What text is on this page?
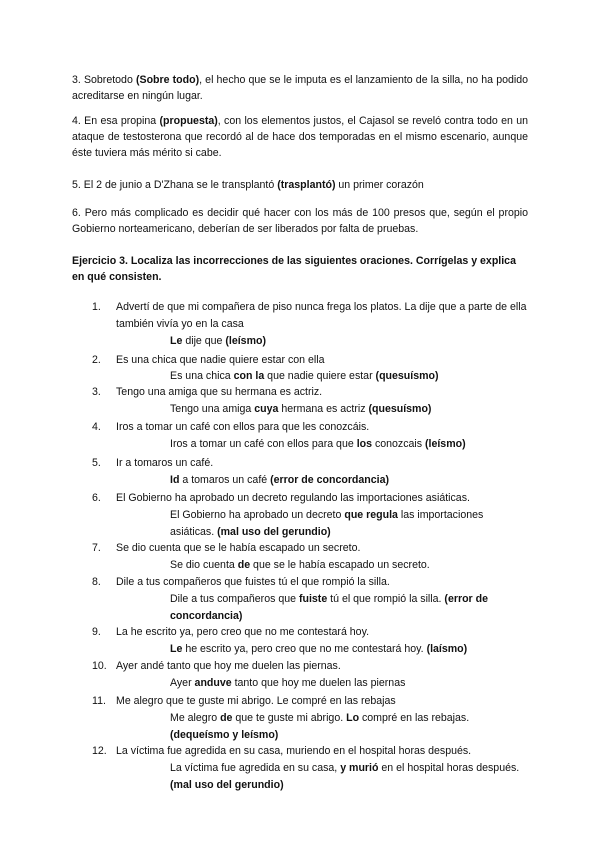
3. Sobretodo (Sobre todo), el hecho que se le imputa es el lanzamiento de la silla, no ha podido acreditarse en ningún lugar.
4. En esa propina (propuesta), con los elementos justos, el Cajasol se reveló contra todo en un ataque de testosterona que recordó al de hace dos temporadas en el mismo escenario, aunque éste tuviera más mérito si cabe.
5. El 2 de junio a D'Zhana se le transplantó (trasplantó) un primer corazón
6. Pero más complicado es decidir qué hacer con los más de 100 presos que, según el propio Gobierno norteamericano, deberían de ser liberados por falta de pruebas.
Ejercicio 3. Localiza las incorrecciones de las siguientes oraciones. Corrígelas y explica en qué consisten.
1.	Advertí de que mi compañera de piso nunca frega los platos. La dije que a parte de ella también vivía yo en la casa
Le dije que (leísmo)
2.	Es una chica que nadie quiere estar con ella
Es una chica con la que nadie quiere estar (quesuísmo)
3.	Tengo una amiga que su hermana es actriz.
Tengo una amiga cuya hermana es actriz (quesuísmo)
4.	Iros a tomar un café con ellos para que les conozcáis.
Iros a tomar un café con ellos para que los conozcais (leísmo)
5.	Ir a tomaros un café.
Id a tomaros un café (error de concordancia)
6.	El Gobierno ha aprobado un decreto regulando las importaciones asiáticas.
El Gobierno ha aprobado un decreto que regula las importaciones asiáticas. (mal uso del gerundio)
7.	Se dio cuenta que se le había escapado un secreto.
Se dio cuenta de que se le había escapado un secreto.
8.	Dile a tus compañeros que fuistes tú el que rompió la silla.
Dile a tus compañeros que fuiste tú el que rompió la silla. (error de concordancia)
9.	La he escrito ya, pero creo que no me contestará hoy.
Le he escrito ya, pero creo que no me contestará hoy. (laísmo)
10. Ayer andé tanto que hoy me duelen las piernas.
Ayer anduve tanto que hoy me duelen las piernas
11. Me alegro que te guste mi abrigo. Le compré en las rebajas
Me alegro de que te guste mi abrigo. Lo compré en las rebajas. (dequeísmo y leísmo)
12. La víctima fue agredida en su casa, muriendo en el hospital horas después.
La víctima fue agredida en su casa, y murió en el hospital horas después. (mal uso del gerundio)
